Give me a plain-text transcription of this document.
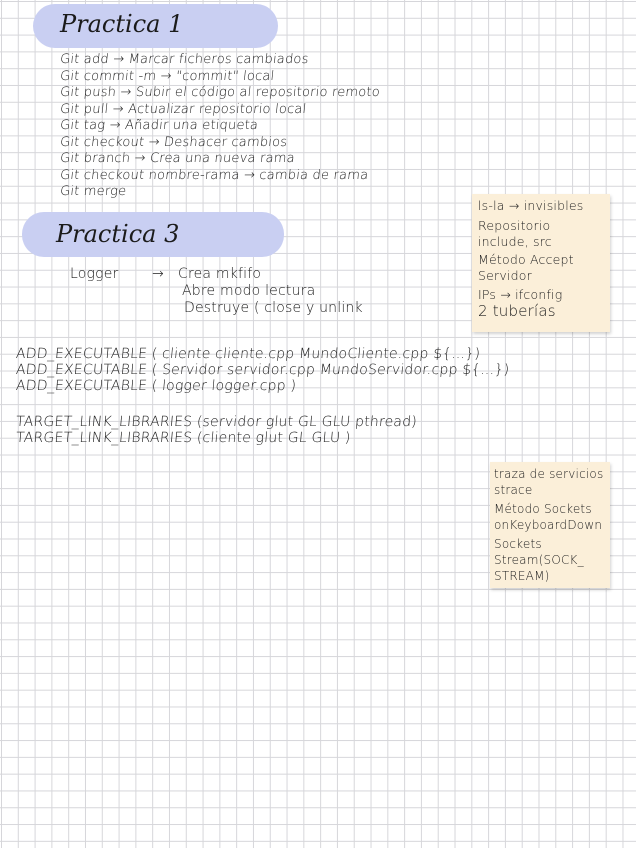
Practica 1
Git add → Marcar ficheros cambiados
Git commit -m → "commit" local
Git push → Subir el código al repositorio remoto
Git pull → Actualizar repositorio local
Git tag → Añadir una etiqueta
Git checkout → Deshacer cambios
Git branch → Crea una nueva rama
Git checkout nombre-rama → cambia de rama
Git merge
Practica 3
Logger → Crea mkfifo
Abre modo lectura
Destruye ( close y unlink
ADD_EXECUTABLE ( cliente cliente.cpp MundoCliente.cpp ${...})
ADD_EXECUTABLE ( Servidor servidor.cpp MundoServidor.cpp ${...})
ADD_EXECUTABLE ( logger logger.cpp )
TARGET_LINK_LIBRARIES (servidor glut GL GLU pthread)
TARGET_LINK_LIBRARIES (cliente glut GL GLU )
ls-la → invisibles
Repositorio
include, src
Método Accept
Servidor
IPs → ifconfig
2 tuberías
traza de servicios
strace
Método Sockets
onKeyboardDown
Sockets
Stream(SOCK_
STREAM)
